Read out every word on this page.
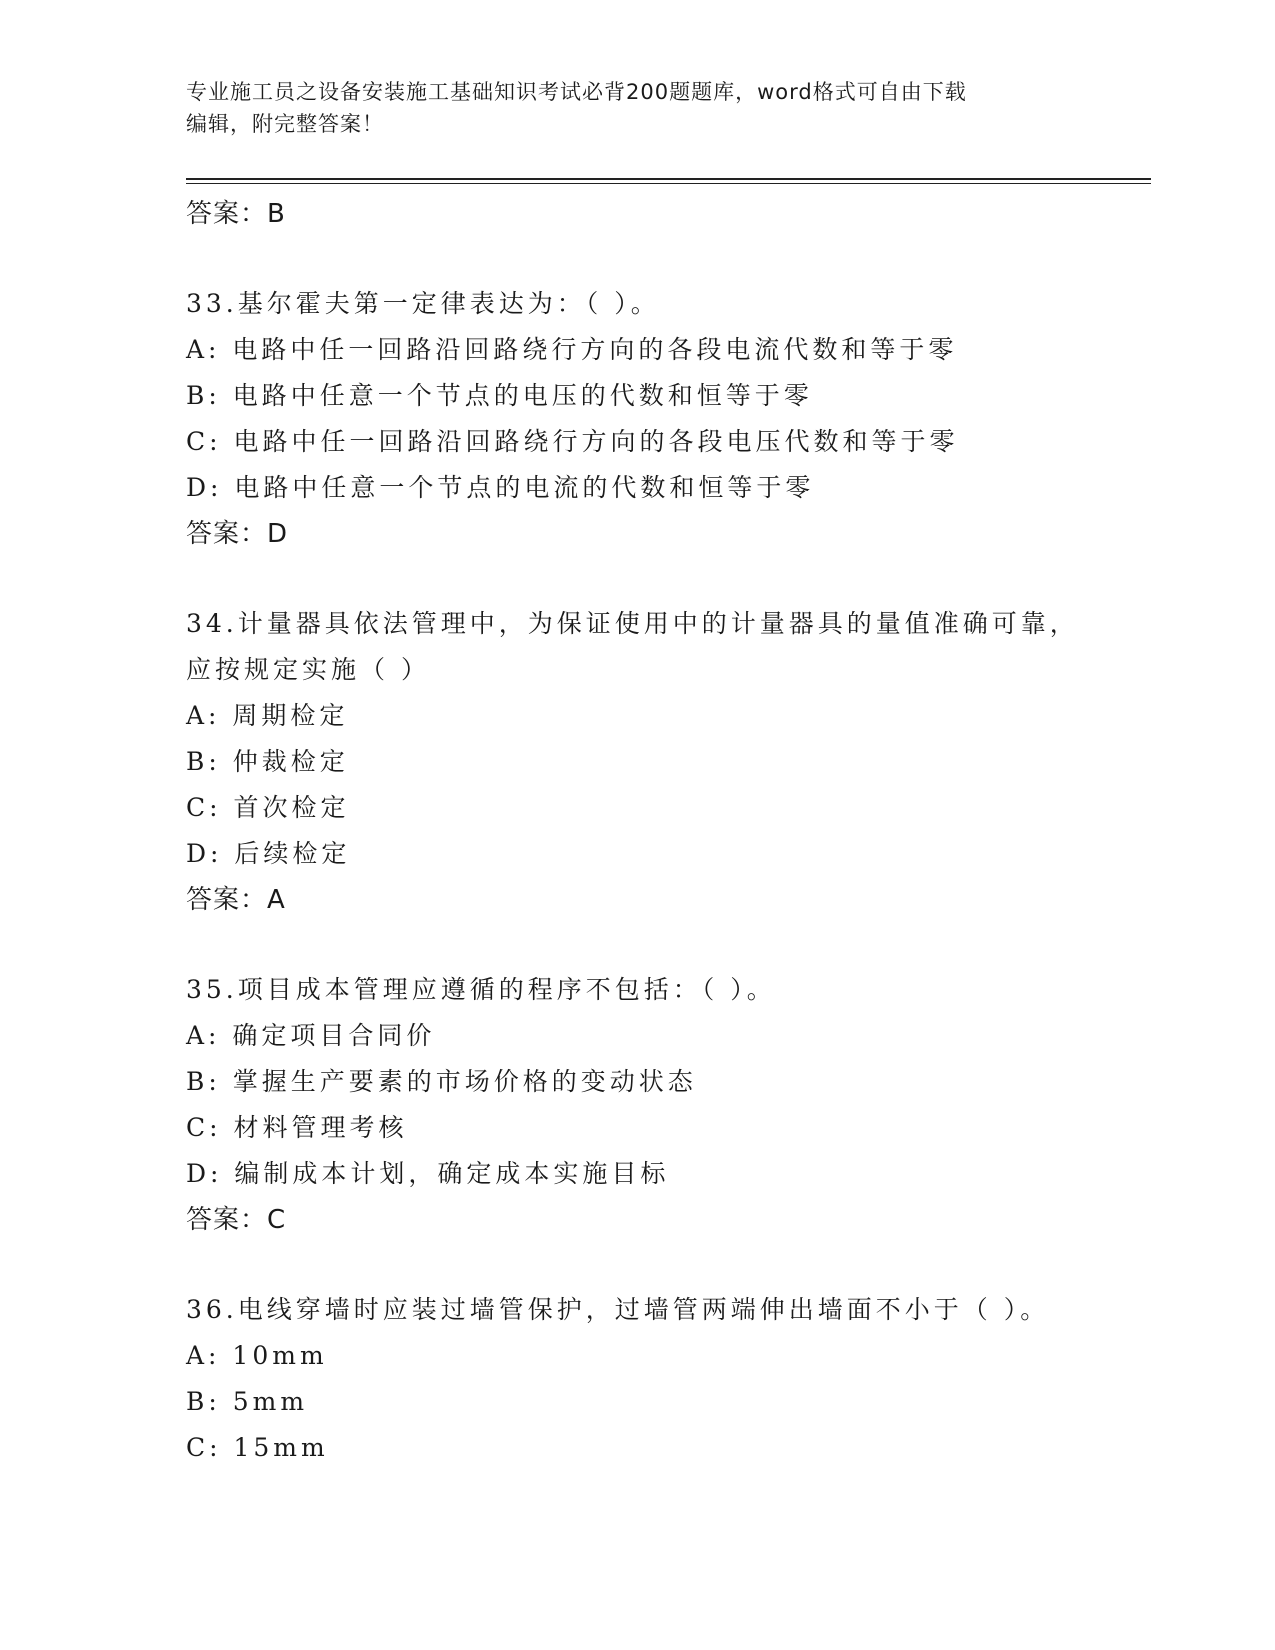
专业施工员之设备安装施工基础知识考试必背200题题库，word格式可自由下载
编辑，附完整答案！
答案：B
33.基尔霍夫第一定律表达为：（ ）。
A: 电路中任一回路沿回路绕行方向的各段电流代数和等于零
B: 电路中任意一个节点的电压的代数和恒等于零
C: 电路中任一回路沿回路绕行方向的各段电压代数和等于零
D: 电路中任意一个节点的电流的代数和恒等于零
答案：D
34.计量器具依法管理中，为保证使用中的计量器具的量值准确可靠，
应按规定实施（ ）
A: 周期检定
B: 仲裁检定
C: 首次检定
D: 后续检定
答案：A
35.项目成本管理应遵循的程序不包括：（ ）。
A: 确定项目合同价
B: 掌握生产要素的市场价格的变动状态
C: 材料管理考核
D: 编制成本计划，确定成本实施目标
答案：C
36.电线穿墙时应装过墙管保护，过墙管两端伸出墙面不小于（ ）。
A: 10mm
B: 5mm
C: 15mm
